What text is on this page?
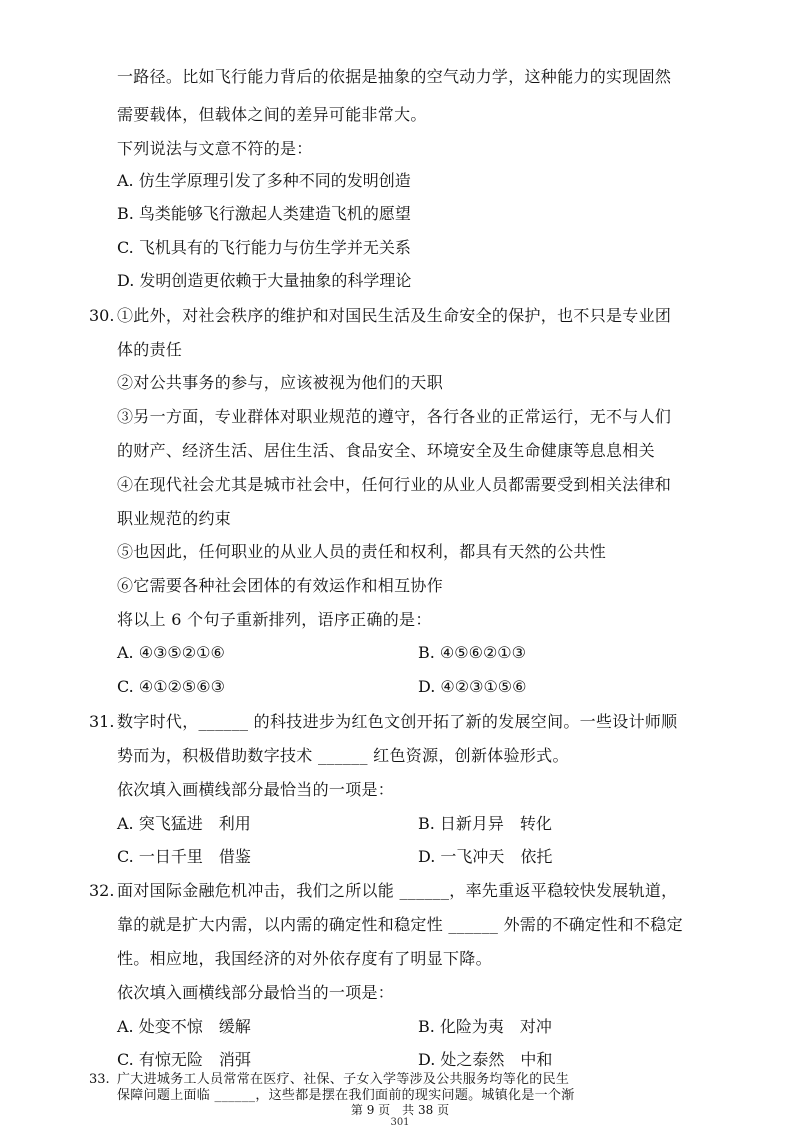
一路径。比如飞行能力背后的依据是抽象的空气动力学，这种能力的实现固然
需要载体，但载体之间的差异可能非常大。
下列说法与文意不符的是：
A. 仿生学原理引发了多种不同的发明创造
B. 鸟类能够飞行激起人类建造飞机的愿望
C. 飞机具有的飞行能力与仿生学并无关系
D. 发明创造更依赖于大量抽象的科学理论
30. ①此外，对社会秩序的维护和对国民生活及生命安全的保护，也不只是专业团
体的责任
②对公共事务的参与，应该被视为他们的天职
③另一方面，专业群体对职业规范的遵守，各行各业的正常运行，无不与人们
的财产、经济生活、居住生活、食品安全、环境安全及生命健康等息息相关
④在现代社会尤其是城市社会中，任何行业的从业人员都需要受到相关法律和
职业规范的约束
⑤也因此，任何职业的从业人员的责任和权利，都具有天然的公共性
⑥它需要各种社会团体的有效运作和相互协作
将以上 6 个句子重新排列，语序正确的是：
A. ④③⑤②①⑥	B. ④⑤⑥②①③
C. ④①②⑤⑥③	D. ④②③①⑤⑥
31. 数字时代，______ 的科技进步为红色文创开拓了新的发展空间。一些设计师顺
势而为，积极借助数字技术 ______ 红色资源，创新体验形式。
依次填入画横线部分最恰当的一项是：
A. 突飞猛进　利用	B. 日新月异　转化
C. 一日千里　借鉴	D. 一飞冲天　依托
32. 面对国际金融危机冲击，我们之所以能 ______，率先重返平稳较快发展轨道，
靠的就是扩大内需，以内需的确定性和稳定性 ______ 外需的不确定性和不稳定
性。相应地，我国经济的对外依存度有了明显下降。
依次填入画横线部分最恰当的一项是：
A. 处变不惊　缓解	B. 化险为夷　对冲
C. 有惊无险　消弭	D. 处之泰然　中和
33. 广大进城务工人员常常在医疗、社保、子女入学等涉及公共服务均等化的民生
保障问题上面临 ______，这些都是摆在我们面前的现实问题。城镇化是一个渐
第 9 页　共 38 页
301
